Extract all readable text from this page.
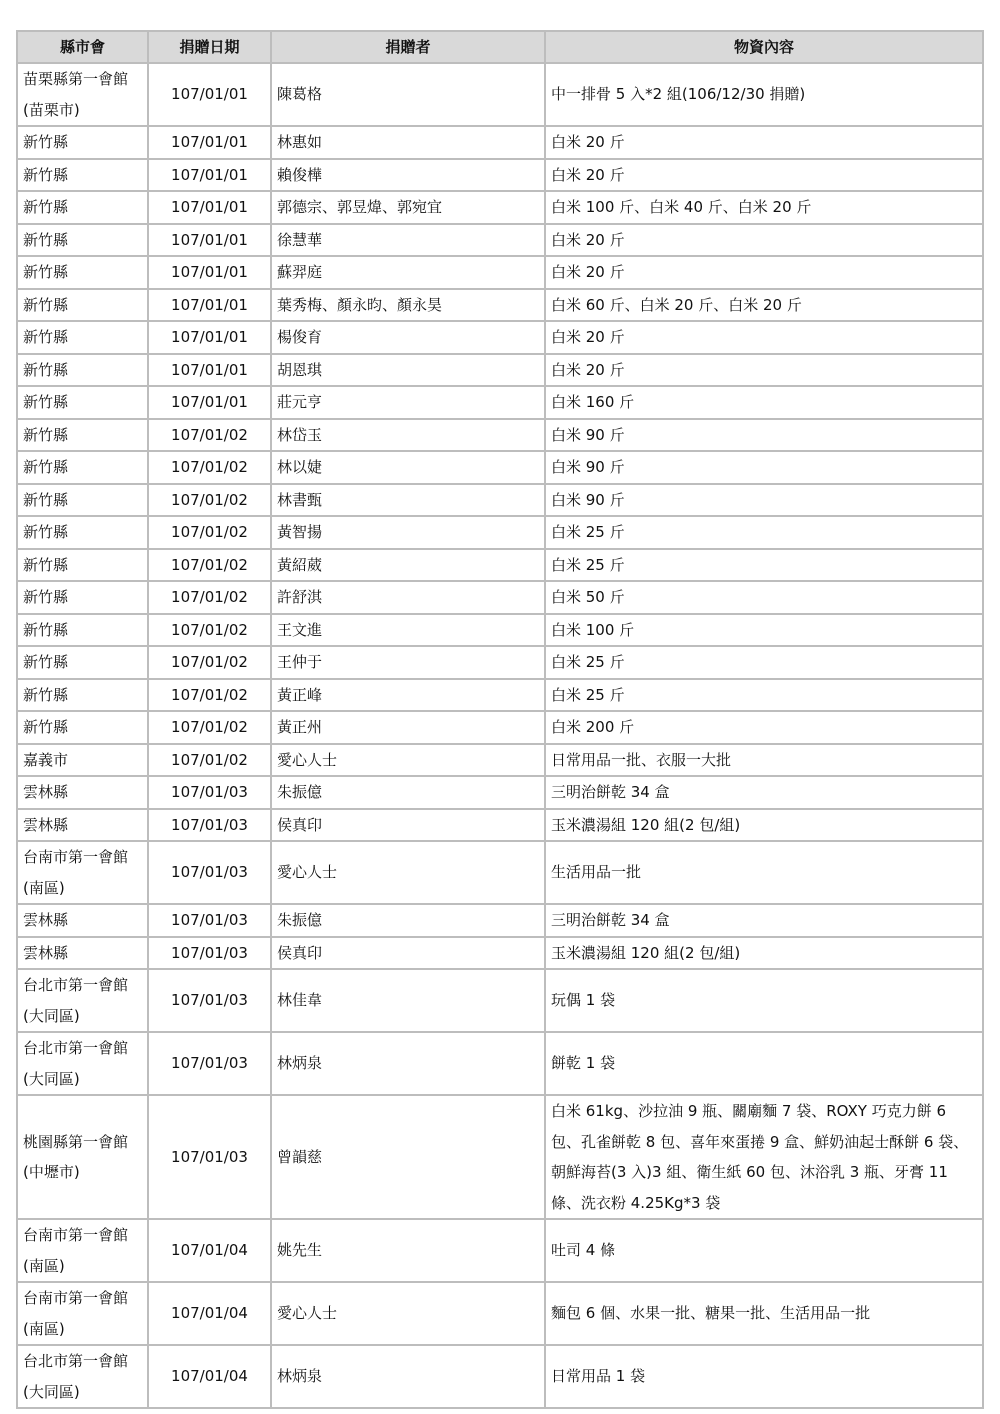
縣市會	捐贈日期	捐贈者	物資內容
苗栗縣第一會館(苗栗市)	107/01/01	陳葛格	中一排骨 5 入*2 組(106/12/30 捐贈)
新竹縣	107/01/01	林惠如	白米 20 斤
新竹縣	107/01/01	賴俊樺	白米 20 斤
新竹縣	107/01/01	郭德宗、郭昱煒、郭宛宜	白米 100 斤、白米 40 斤、白米 20 斤
新竹縣	107/01/01	徐慧華	白米 20 斤
新竹縣	107/01/01	蘇羿庭	白米 20 斤
新竹縣	107/01/01	葉秀梅、顏永昀、顏永昊	白米 60 斤、白米 20 斤、白米 20 斤
新竹縣	107/01/01	楊俊育	白米 20 斤
新竹縣	107/01/01	胡恩琪	白米 20 斤
新竹縣	107/01/01	莊元亨	白米 160 斤
新竹縣	107/01/02	林岱玉	白米 90 斤
新竹縣	107/01/02	林以婕	白米 90 斤
新竹縣	107/01/02	林書甄	白米 90 斤
新竹縣	107/01/02	黃智揚	白米 25 斤
新竹縣	107/01/02	黃紹葳	白米 25 斤
新竹縣	107/01/02	許舒淇	白米 50 斤
新竹縣	107/01/02	王文進	白米 100 斤
新竹縣	107/01/02	王仲于	白米 25 斤
新竹縣	107/01/02	黃正峰	白米 25 斤
新竹縣	107/01/02	黃正州	白米 200 斤
嘉義市	107/01/02	愛心人士	日常用品一批、衣服一大批
雲林縣	107/01/03	朱振億	三明治餅乾 34 盒
雲林縣	107/01/03	侯真印	玉米濃湯組 120 組(2 包/組)
台南市第一會館(南區)	107/01/03	愛心人士	生活用品一批
雲林縣	107/01/03	朱振億	三明治餅乾 34 盒
雲林縣	107/01/03	侯真印	玉米濃湯組 120 組(2 包/組)
台北市第一會館(大同區)	107/01/03	林佳韋	玩偶 1 袋
台北市第一會館(大同區)	107/01/03	林炳泉	餅乾 1 袋
桃園縣第一會館(中壢市)	107/01/03	曾韻慈	白米 61kg、沙拉油 9 瓶、關廟麵 7 袋、ROXY 巧克力餅 6 包、孔雀餅乾 8 包、喜年來蛋捲 9 盒、鮮奶油起士酥餅 6 袋、朝鮮海苔(3 入)3 組、衛生紙 60 包、沐浴乳 3 瓶、牙膏 11 條、洗衣粉 4.25Kg*3 袋
台南市第一會館(南區)	107/01/04	姚先生	吐司 4 條
台南市第一會館(南區)	107/01/04	愛心人士	麵包 6 個、水果一批、糖果一批、生活用品一批
台北市第一會館(大同區)	107/01/04	林炳泉	日常用品 1 袋
